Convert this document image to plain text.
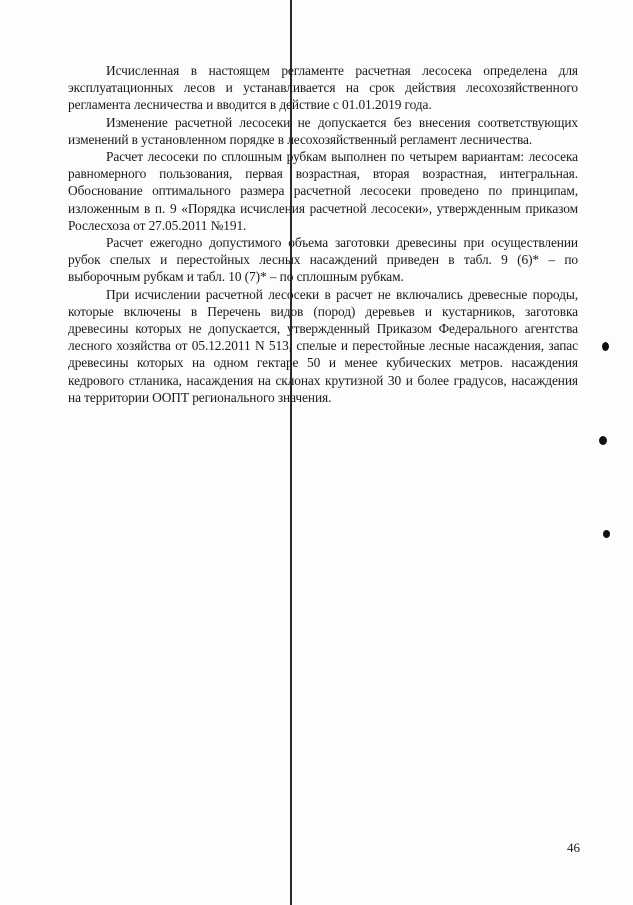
Исчисленная в настоящем регламенте расчетная лесосека определена для эксплуатационных лесов и устанавливается на срок действия лесохозяйственного регламента лесничества и вводится в действие с 01.01.2019 года.

Изменение расчетной лесосеки не допускается без внесения соответствующих изменений в установленном порядке в лесохозяйственный регламент лесничества.

Расчет лесосеки по сплошным рубкам выполнен по четырем вариантам: лесосека равномерного пользования, первая возрастная, вторая возрастная, интегральная. Обоснование оптимального размера расчетной лесосеки проведено по принципам, изложенным в п. 9 «Порядка исчисления расчетной лесосеки», утвержденным приказом Рослесхоза от 27.05.2011 №191.

Расчет ежегодно допустимого объема заготовки древесины при осуществлении рубок спелых и перестойных лесных насаждений приведен в табл. 9 (6)* – по выборочным рубкам и табл. 10 (7)* – по сплошным рубкам.

При исчислении расчетной лесосеки в расчет не включались древесные породы, которые включены в Перечень видов (пород) деревьев и кустарников, заготовка древесины которых не допускается, утвержденный Приказом Федерального агентства лесного хозяйства от 05.12.2011 N 513, спелые и перестойные лесные насаждения, запас древесины которых на одном гектаре 50 и менее кубических метров. насаждения кедрового стланика, насаждения на склонах крутизной 30 и более градусов, насаждения на территории ООПТ регионального значения.

46
